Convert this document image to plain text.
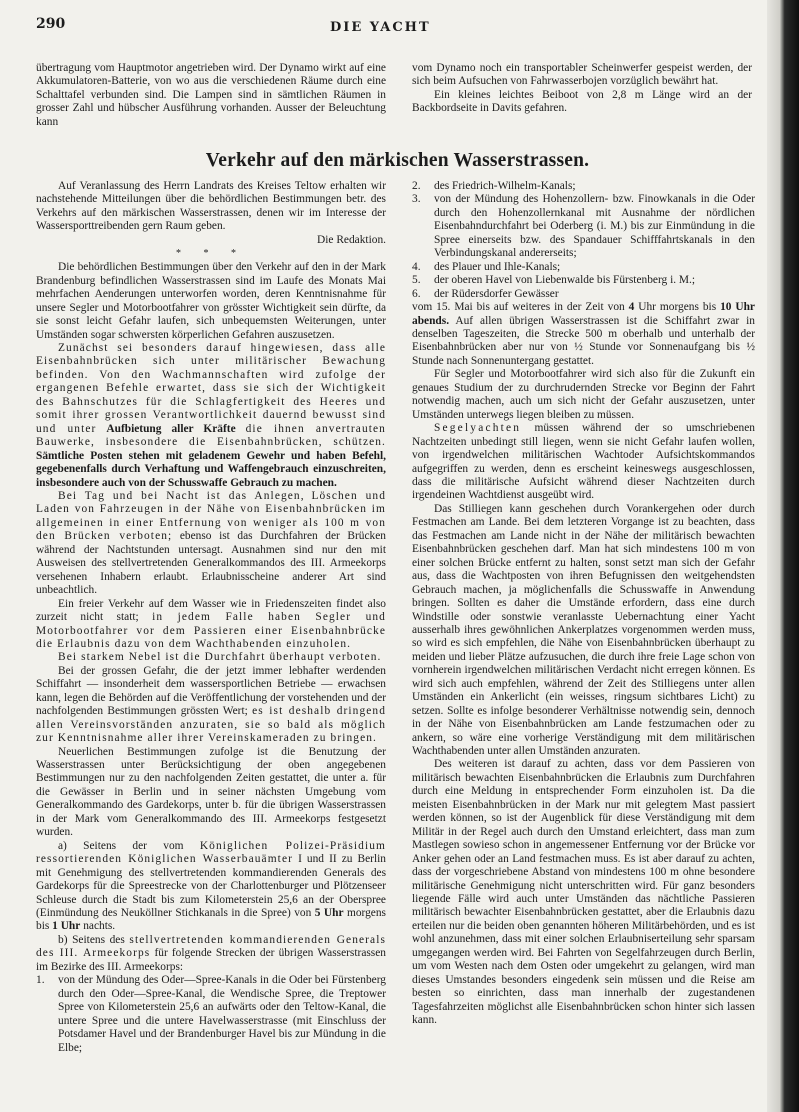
290	DIE YACHT

übertragung vom Hauptmotor angetrieben wird. Der Dynamo wirkt auf eine Akkumulatoren-Batterie, von wo aus die verschiedenen Räume durch eine Schalttafel verbunden sind. Die Lampen sind in sämtlichen Räumen in grosser Zahl und hübscher Ausführung vorhanden. Ausser der Beleuchtung kann

vom Dynamo noch ein transportabler Scheinwerfer gespeist werden, der sich beim Aufsuchen von Fahrwasserbojen vorzüglich bewährt hat.

Ein kleines leichtes Beiboot von 2,8 m Länge wird an der Backbordseite in Davits gefahren.

Verkehr auf den märkischen Wasserstrassen.

Auf Veranlassung des Herrn Landrats des Kreises Teltow erhalten wir nachstehende Mitteilungen über die behördlichen Bestimmungen betr. des Verkehrs auf den märkischen Wasserstrassen, denen wir im Interesse der Wassersporttreibenden gern Raum geben.

Die Redaktion.

* * *

Die behördlichen Bestimmungen über den Verkehr auf den in der Mark Brandenburg befindlichen Wasserstrassen sind im Laufe des Monats Mai mehrfachen Aenderungen unterworfen worden, deren Kenntnisnahme für unsere Segler und Motorbootfahrer von grösster Wichtigkeit sein dürfte, da sie sonst leicht Gefahr laufen, sich unbequemsten Weiterungen, unter Umständen sogar schwersten körperlichen Gefahren auszusetzen.

Zunächst sei besonders darauf hingewiesen, dass alle Eisenbahnbrücken sich unter militärischer Bewachung befinden. Von den Wachmannschaften wird zufolge der ergangenen Befehle erwartet, dass sie sich der Wichtigkeit des Bahnschutzes für die Schlagfertigkeit des Heeres und somit ihrer grossen Verantwortlichkeit dauernd bewusst sind und unter Aufbietung aller Kräfte die ihnen anvertrauten Bauwerke, insbesondere die Eisenbahnbrücken, schützen. Sämtliche Posten stehen mit geladenem Gewehr und haben Befehl, gegebenenfalls durch Verhaftung und Waffengebrauch einzuschreiten, insbesondere auch von der Schusswaffe Gebrauch zu machen.

Bei Tag und bei Nacht ist das Anlegen, Löschen und Laden von Fahrzeugen in der Nähe von Eisenbahnbrücken im allgemeinen in einer Entfernung von weniger als 100 m von den Brücken verboten; ebenso ist das Durchfahren der Brücken während der Nachtstunden untersagt. Ausnahmen sind nur den mit Ausweisen des stellvertretenden Generalkommandos des III. Armeekorps versehenen Inhabern erlaubt. Erlaubnisscheine anderer Art sind unbeachtlich.

Ein freier Verkehr auf dem Wasser wie in Friedenszeiten findet also zurzeit nicht statt; in jedem Falle haben Segler und Motorbootfahrer vor dem Passieren einer Eisenbahnbrücke die Erlaubnis dazu von dem Wachthabenden einzuholen.

Bei starkem Nebel ist die Durchfahrt überhaupt verboten.

Bei der grossen Gefahr, die der jetzt immer lebhafter werdenden Schiffahrt — insonderheit dem wassersportlichen Betriebe — erwachsen kann, legen die Behörden auf die Veröffentlichung der vorstehenden und der nachfolgenden Bestimmungen grössten Wert; es ist deshalb dringend allen Vereinsvorständen anzuraten, sie so bald als möglich zur Kenntnisnahme aller ihrer Vereinskameraden zu bringen.

Neuerlichen Bestimmungen zufolge ist die Benutzung der Wasserstrassen unter Berücksichtigung der oben angegebenen Bestimmungen nur zu den nachfolgenden Zeiten gestattet, die unter a. für die Gewässer in Berlin und in seiner nächsten Umgebung vom Generalkommando des Gardekorps, unter b. für die übrigen Wasserstrassen in der Mark vom Generalkommando des III. Armeekorps festgesetzt wurden.

a) Seitens der vom Königlichen Polizei-Präsidium ressortierenden Königlichen Wasserbauämter I und II zu Berlin mit Genehmigung des stellvertretenden kommandierenden Generals des Gardekorps für die Spreestrecke von der Charlottenburger und Plötzenseer Schleuse durch die Stadt bis zum Kilometerstein 25,6 an der Oberspree (Einmündung des Neuköllner Stichkanals in die Spree) von 5 Uhr morgens bis 1 Uhr nachts.

b) Seitens des stellvertretenden kommandierenden Generals des III. Armeekorps für folgende Strecken der übrigen Wasserstrassen im Bezirke des III. Armeekorps:

1. von der Mündung des Oder—Spree-Kanals in die Oder bei Fürstenberg durch den Oder—Spree-Kanal, die Wendische Spree, die Treptower Spree von Kilometerstein 25,6 an aufwärts oder den Teltow-Kanal, die untere Spree und die untere Havelwasserstrasse (mit Einschluss der Potsdamer Havel und der Brandenburger Havel bis zur Mündung in die Elbe;

2. des Friedrich-Wilhelm-Kanals;
3. von der Mündung des Hohenzollern- bzw. Finowkanals in die Oder durch den Hohenzollernkanal mit Ausnahme der nördlichen Eisenbahndurchfahrt bei Oderberg (i. M.) bis zur Einmündung in die Spree einerseits bzw. des Spandauer Schifffahrtskanals in den Verbindungskanal andererseits;
4. des Plauer und Ihle-Kanals;
5. der oberen Havel von Liebenwalde bis Fürstenberg i. M.;
6. der Rüdersdorfer Gewässer

vom 15. Mai bis auf weiteres in der Zeit von 4 Uhr morgens bis 10 Uhr abends. Auf allen übrigen Wasserstrassen ist die Schiffahrt zwar in denselben Tageszeiten, die Strecke 500 m oberhalb und unterhalb der Eisenbahnbrücken aber nur von ½ Stunde vor Sonnenaufgang bis ½ Stunde nach Sonnenuntergang gestattet.

Für Segler und Motorbootfahrer wird sich also für die Zukunft ein genaues Studium der zu durchrudernden Strecke vor Beginn der Fahrt notwendig machen, auch um sich nicht der Gefahr auszusetzen, unter Umständen unterwegs liegen bleiben zu müssen.

Segelyachten müssen während der so umschriebenen Nachtzeiten unbedingt still liegen, wenn sie nicht Gefahr laufen wollen, von irgendwelchen militärischen Wachtoder Aufsichtskommandos aufgegriffen zu werden, denn es erscheint keineswegs ausgeschlossen, dass die militärische Aufsicht während dieser Nachtzeiten durch irgendeinen Wachtdienst ausgeübt wird.

Das Stilliegen kann geschehen durch Vorankergehen oder durch Festmachen am Lande. Bei dem letzteren Vorgange ist zu beachten, dass das Festmachen am Lande nicht in der Nähe der militärisch bewachten Eisenbahnbrücken geschehen darf. Man hat sich mindestens 100 m von einer solchen Brücke entfernt zu halten, sonst setzt man sich der Gefahr aus, dass die Wachtposten von ihren Befugnissen den weitgehendsten Gebrauch machen, ja möglichenfalls die Schusswaffe in Anwendung bringen. Sollten es daher die Umstände erfordern, dass eine durch Windstille oder sonstwie veranlasste Uebernachtung einer Yacht ausserhalb ihres gewöhnlichen Ankerplatzes vorgenommen werden muss, so wird es sich empfehlen, die Nähe von Eisenbahnbrücken überhaupt zu meiden und lieber Plätze aufzusuchen, die durch ihre freie Lage schon von vornherein irgendwelchen militärischen Verdacht nicht erregen können. Es wird sich auch empfehlen, während der Zeit des Stilliegens unter allen Umständen ein Ankerlicht (ein weisses, ringsum sichtbares Licht) zu setzen. Sollte es infolge besonderer Verhältnisse notwendig sein, dennoch in der Nähe von Eisenbahnbrücken am Lande festzumachen oder zu ankern, so wäre eine vorherige Verständigung mit dem militärischen Wachthabenden unter allen Umständen anzuraten.

Des weiteren ist darauf zu achten, dass vor dem Passieren von militärisch bewachten Eisenbahnbrücken die Erlaubnis zum Durchfahren durch eine Meldung in entsprechender Form einzuholen ist. Da die meisten Eisenbahnbrücken in der Mark nur mit gelegtem Mast passiert werden können, so ist der Augenblick für diese Verständigung mit dem Militär in der Regel auch durch den Umstand erleichtert, dass man zum Mastlegen sowieso schon in angemessener Entfernung vor der Brücke vor Anker gehen oder an Land festmachen muss. Es ist aber darauf zu achten, dass der vorgeschriebene Abstand von mindestens 100 m ohne besondere militärische Genehmigung nicht unterschritten wird. Für ganz besonders liegende Fälle wird auch unter Umständen das nächtliche Passieren militärisch bewachter Eisenbahnbrücken gestattet, aber die Erlaubnis dazu erteilen nur die beiden oben genannten höheren Militärbehörden, und es ist wohl anzunehmen, dass mit einer solchen Erlaubniserteilung sehr sparsam umgegangen werden wird. Bei Fahrten von Segelfahrzeugen durch Berlin, um vom Westen nach dem Osten oder umgekehrt zu gelangen, wird man dieses Umstandes besonders eingedenk sein müssen und die Reise am besten so einrichten, dass man innerhalb der zugestandenen Tagesfahrzeiten möglichst alle Eisenbahnbrücken schon hinter sich lassen kann.
